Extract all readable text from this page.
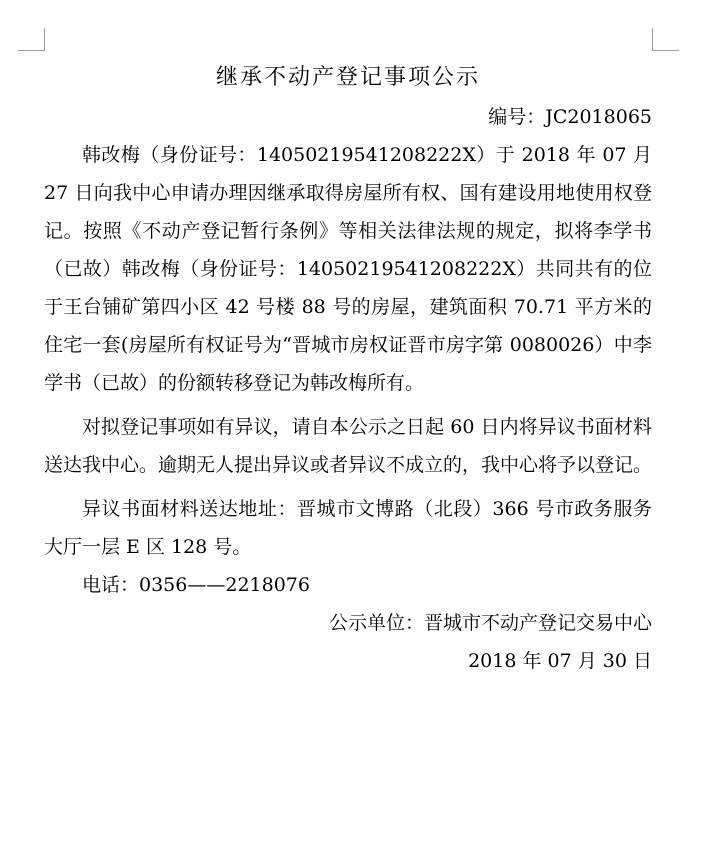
继承不动产登记事项公示

编号：JC2018065

韩改梅（身份证号：14050219541208222X）于 2018 年 07 月 27 日向我中心申请办理因继承取得房屋所有权、国有建设用地使用权登记。按照《不动产登记暂行条例》等相关法律法规的规定，拟将李学书（已故）韩改梅（身份证号：14050219541208222X）共同共有的位于王台铺矿第四小区 42 号楼 88 号的房屋，建筑面积 70.71 平方米的住宅一套(房屋所有权证号为“晋城市房权证晋市房字第 0080026）中李学书（已故）的份额转移登记为韩改梅所有。

对拟登记事项如有异议，请自本公示之日起 60 日内将异议书面材料送达我中心。逾期无人提出异议或者异议不成立的，我中心将予以登记。

异议书面材料送达地址：晋城市文博路（北段）366 号市政务服务大厅一层 E 区 128 号。

电话：0356——2218076

公示单位：晋城市不动产登记交易中心

2018 年 07 月 30 日
